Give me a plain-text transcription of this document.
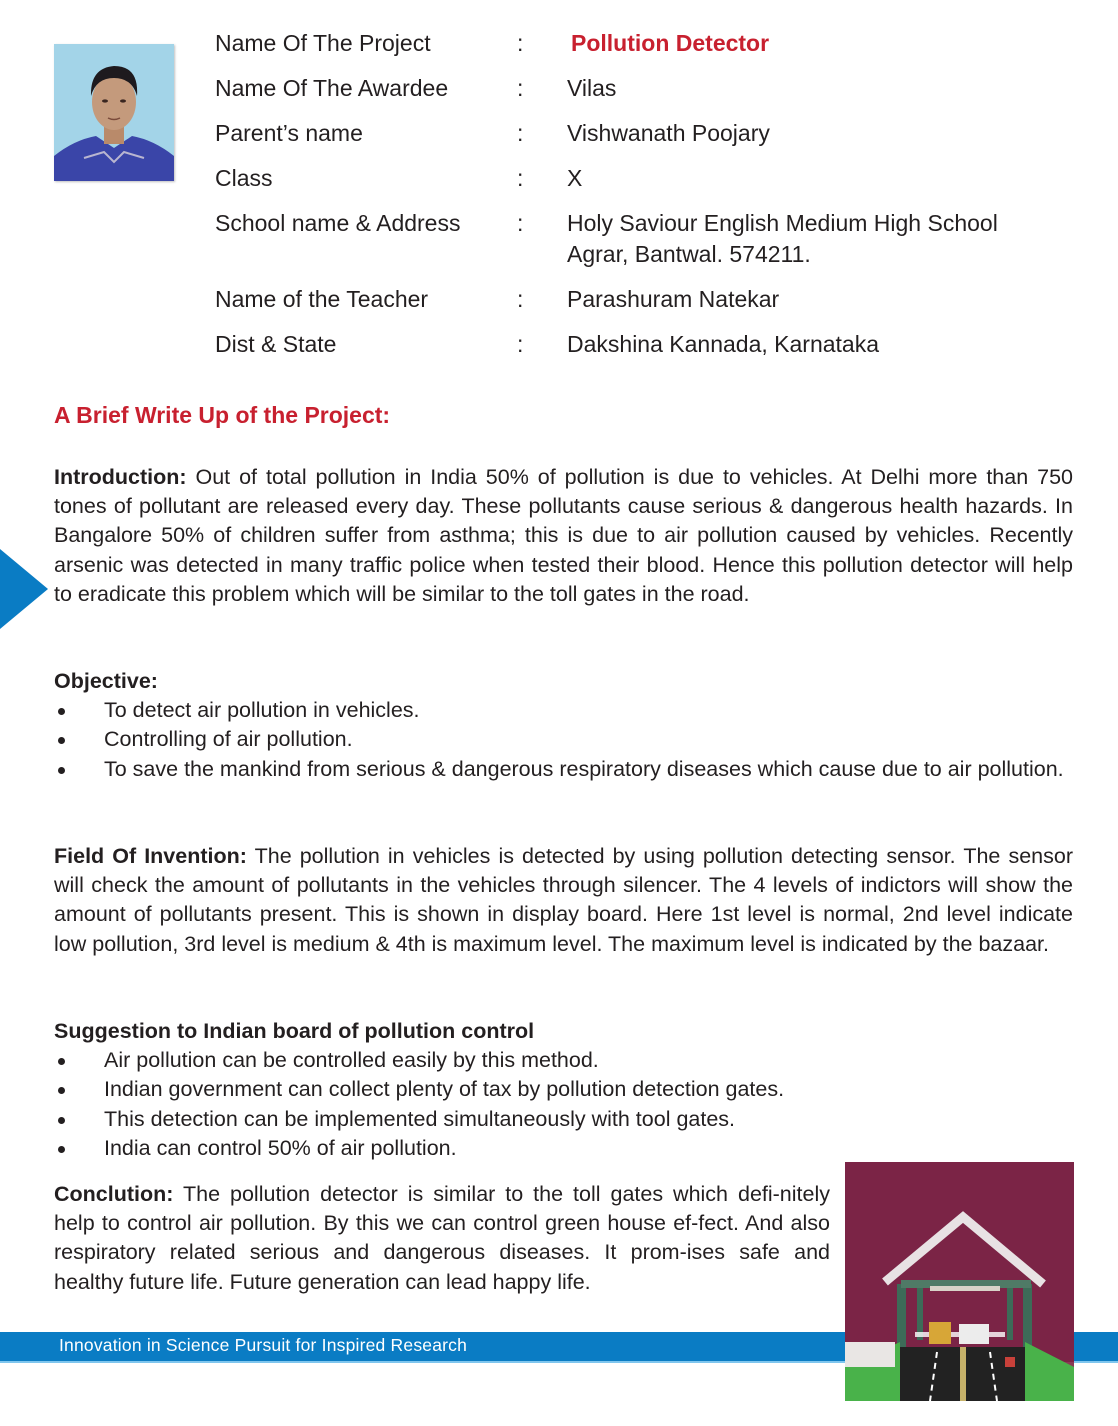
Name Of The Project	:	Pollution Detector
Name Of The Awardee	:	Vilas
Parent’s name	:	Vishwanath Poojary
Class	:	X
School name & Address	:	Holy Saviour English Medium High School
Agrar, Bantwal. 574211.
Name of the Teacher	:	Parashuram Natekar
Dist & State	:	Dakshina Kannada, Karnataka
A Brief Write Up of the Project:
Introduction: Out of total pollution in India 50% of pollution is due to vehicles. At Delhi more than 750 tones of pollutant are released every day. These pollutants cause serious & dangerous health hazards. In Bangalore 50% of children suffer from asthma; this is due to air pollution caused by vehicles. Recently arsenic was detected in many traffic police when tested their blood. Hence this pollution detector will help to eradicate this problem which will be similar to the toll gates in the road.
Objective:
To detect air pollution in vehicles.
Controlling of air pollution.
To save the mankind from serious & dangerous respiratory diseases which cause due to air pollution.
Field Of Invention: The pollution in vehicles is detected by using pollution detecting sensor. The sensor will check the amount of pollutants in the vehicles through silencer. The 4 levels of indictors will show the amount of pollutants present. This is shown in display board. Here 1st level is normal, 2nd level indicate low pollution, 3rd level is medium & 4th is maximum level. The maximum level is indicated by the bazaar.
Suggestion to Indian board of pollution control
Air pollution can be controlled easily by this method.
Indian government can collect plenty of tax by pollution detection gates.
This detection can be implemented simultaneously with tool gates.
India can control 50% of air pollution.
Conclution: The pollution detector is similar to the toll gates which defi-nitely help to control air pollution. By this we can control green house ef-fect. And also respiratory related serious and dangerous diseases. It prom-ises safe and healthy future life. Future generation can lead happy life.
Innovation in Science Pursuit for Inspired Research
